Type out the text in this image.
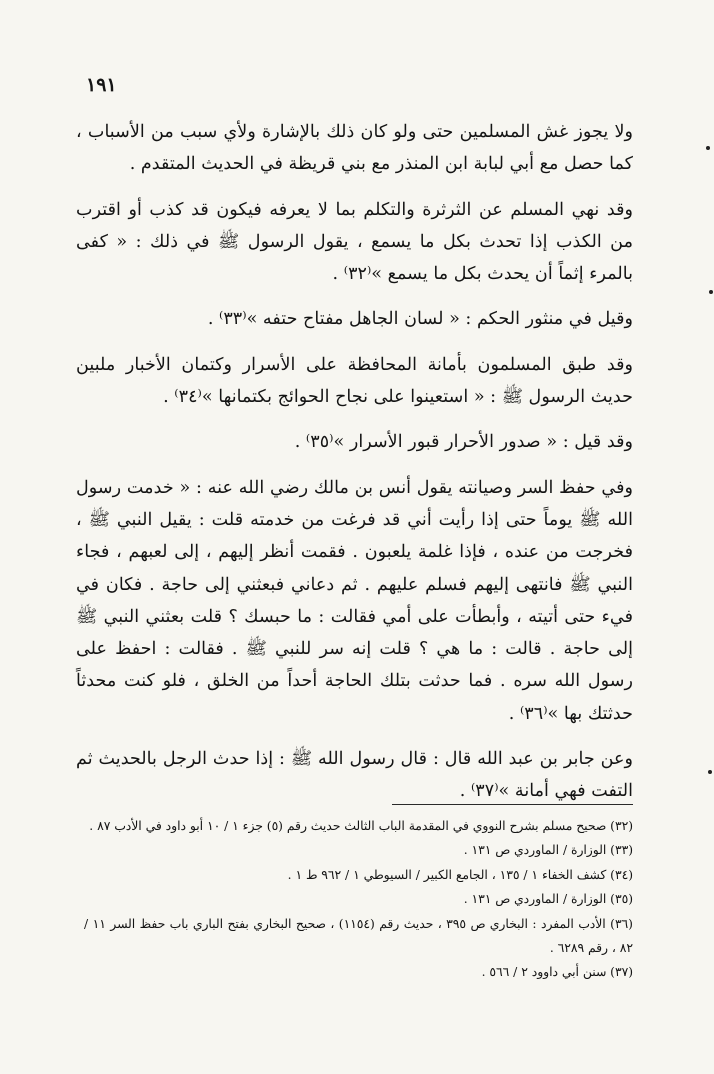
١٩١

ولا يجوز غش المسلمين حتى ولو كان ذلك بالإشارة ولأي سبب من الأسباب ، كما حصل مع أبي لبابة ابن المنذر مع بني قريظة في الحديث المتقدم .

وقد نهي المسلم عن الثرثرة والتكلم بما لا يعرفه فيكون قد كذب أو اقترب من الكذب إذا تحدث بكل ما يسمع ، يقول الرسول ﷺ في ذلك : « كفى بالمرء إثماً أن يحدث بكل ما يسمع »⁽٣٢⁾ .

وقيل في منثور الحكم : « لسان الجاهل مفتاح حتفه »⁽٣٣⁾ .

وقد طبق المسلمون بأمانة المحافظة على الأسرار وكتمان الأخبار ملبين حديث الرسول ﷺ : « استعينوا على نجاح الحوائج بكتمانها »⁽٣٤⁾ .

وقد قيل : « صدور الأحرار قبور الأسرار »⁽٣٥⁾ .

وفي حفظ السر وصيانته يقول أنس بن مالك رضي الله عنه : « خدمت رسول الله ﷺ يوماً حتى إذا رأيت أني قد فرغت من خدمته قلت : يقيل النبي ﷺ ، فخرجت من عنده ، فإذا غلمة يلعبون . فقمت أنظر إليهم ، إلى لعبهم ، فجاء النبي ﷺ فانتهى إليهم فسلم عليهم . ثم دعاني فبعثني إلى حاجة . فكان في فيء حتى أتيته ، وأبطأت على أمي فقالت : ما حبسك ؟ قلت بعثني النبي ﷺ إلى حاجة . قالت : ما هي ؟ قلت إنه سر للنبي ﷺ . فقالت : احفظ على رسول الله سره . فما حدثت بتلك الحاجة أحداً من الخلق ، فلو كنت محدثاً حدثتك بها »⁽٣٦⁾ .

وعن جابر بن عبد الله قال : قال رسول الله ﷺ : إذا حدث الرجل بالحديث ثم التفت فهي أمانة »⁽٣٧⁾ .

(٣٢) صحيح مسلم بشرح النووي في المقدمة الباب الثالث حديث رقم (٥) جزء ١ / ١٠ أبو داود في الأدب ٨٧ .

(٣٣) الوزارة / الماوردي ص ١٣١ .

(٣٤) كشف الخفاء ١ / ١٣٥ ، الجامع الكبير / السيوطي ١ / ٩٦٢ ط ١ .

(٣٥) الوزارة / الماوردي ص ١٣١ .

(٣٦) الأدب المفرد : البخاري ص ٣٩٥ ، حديث رقم (١١٥٤) ، صحيح البخاري بفتح الباري باب حفظ السر ١١ / ٨٢ ، رقم ٦٢٨٩ .

(٣٧) سنن أبي داوود ٢ / ٥٦٦ .
